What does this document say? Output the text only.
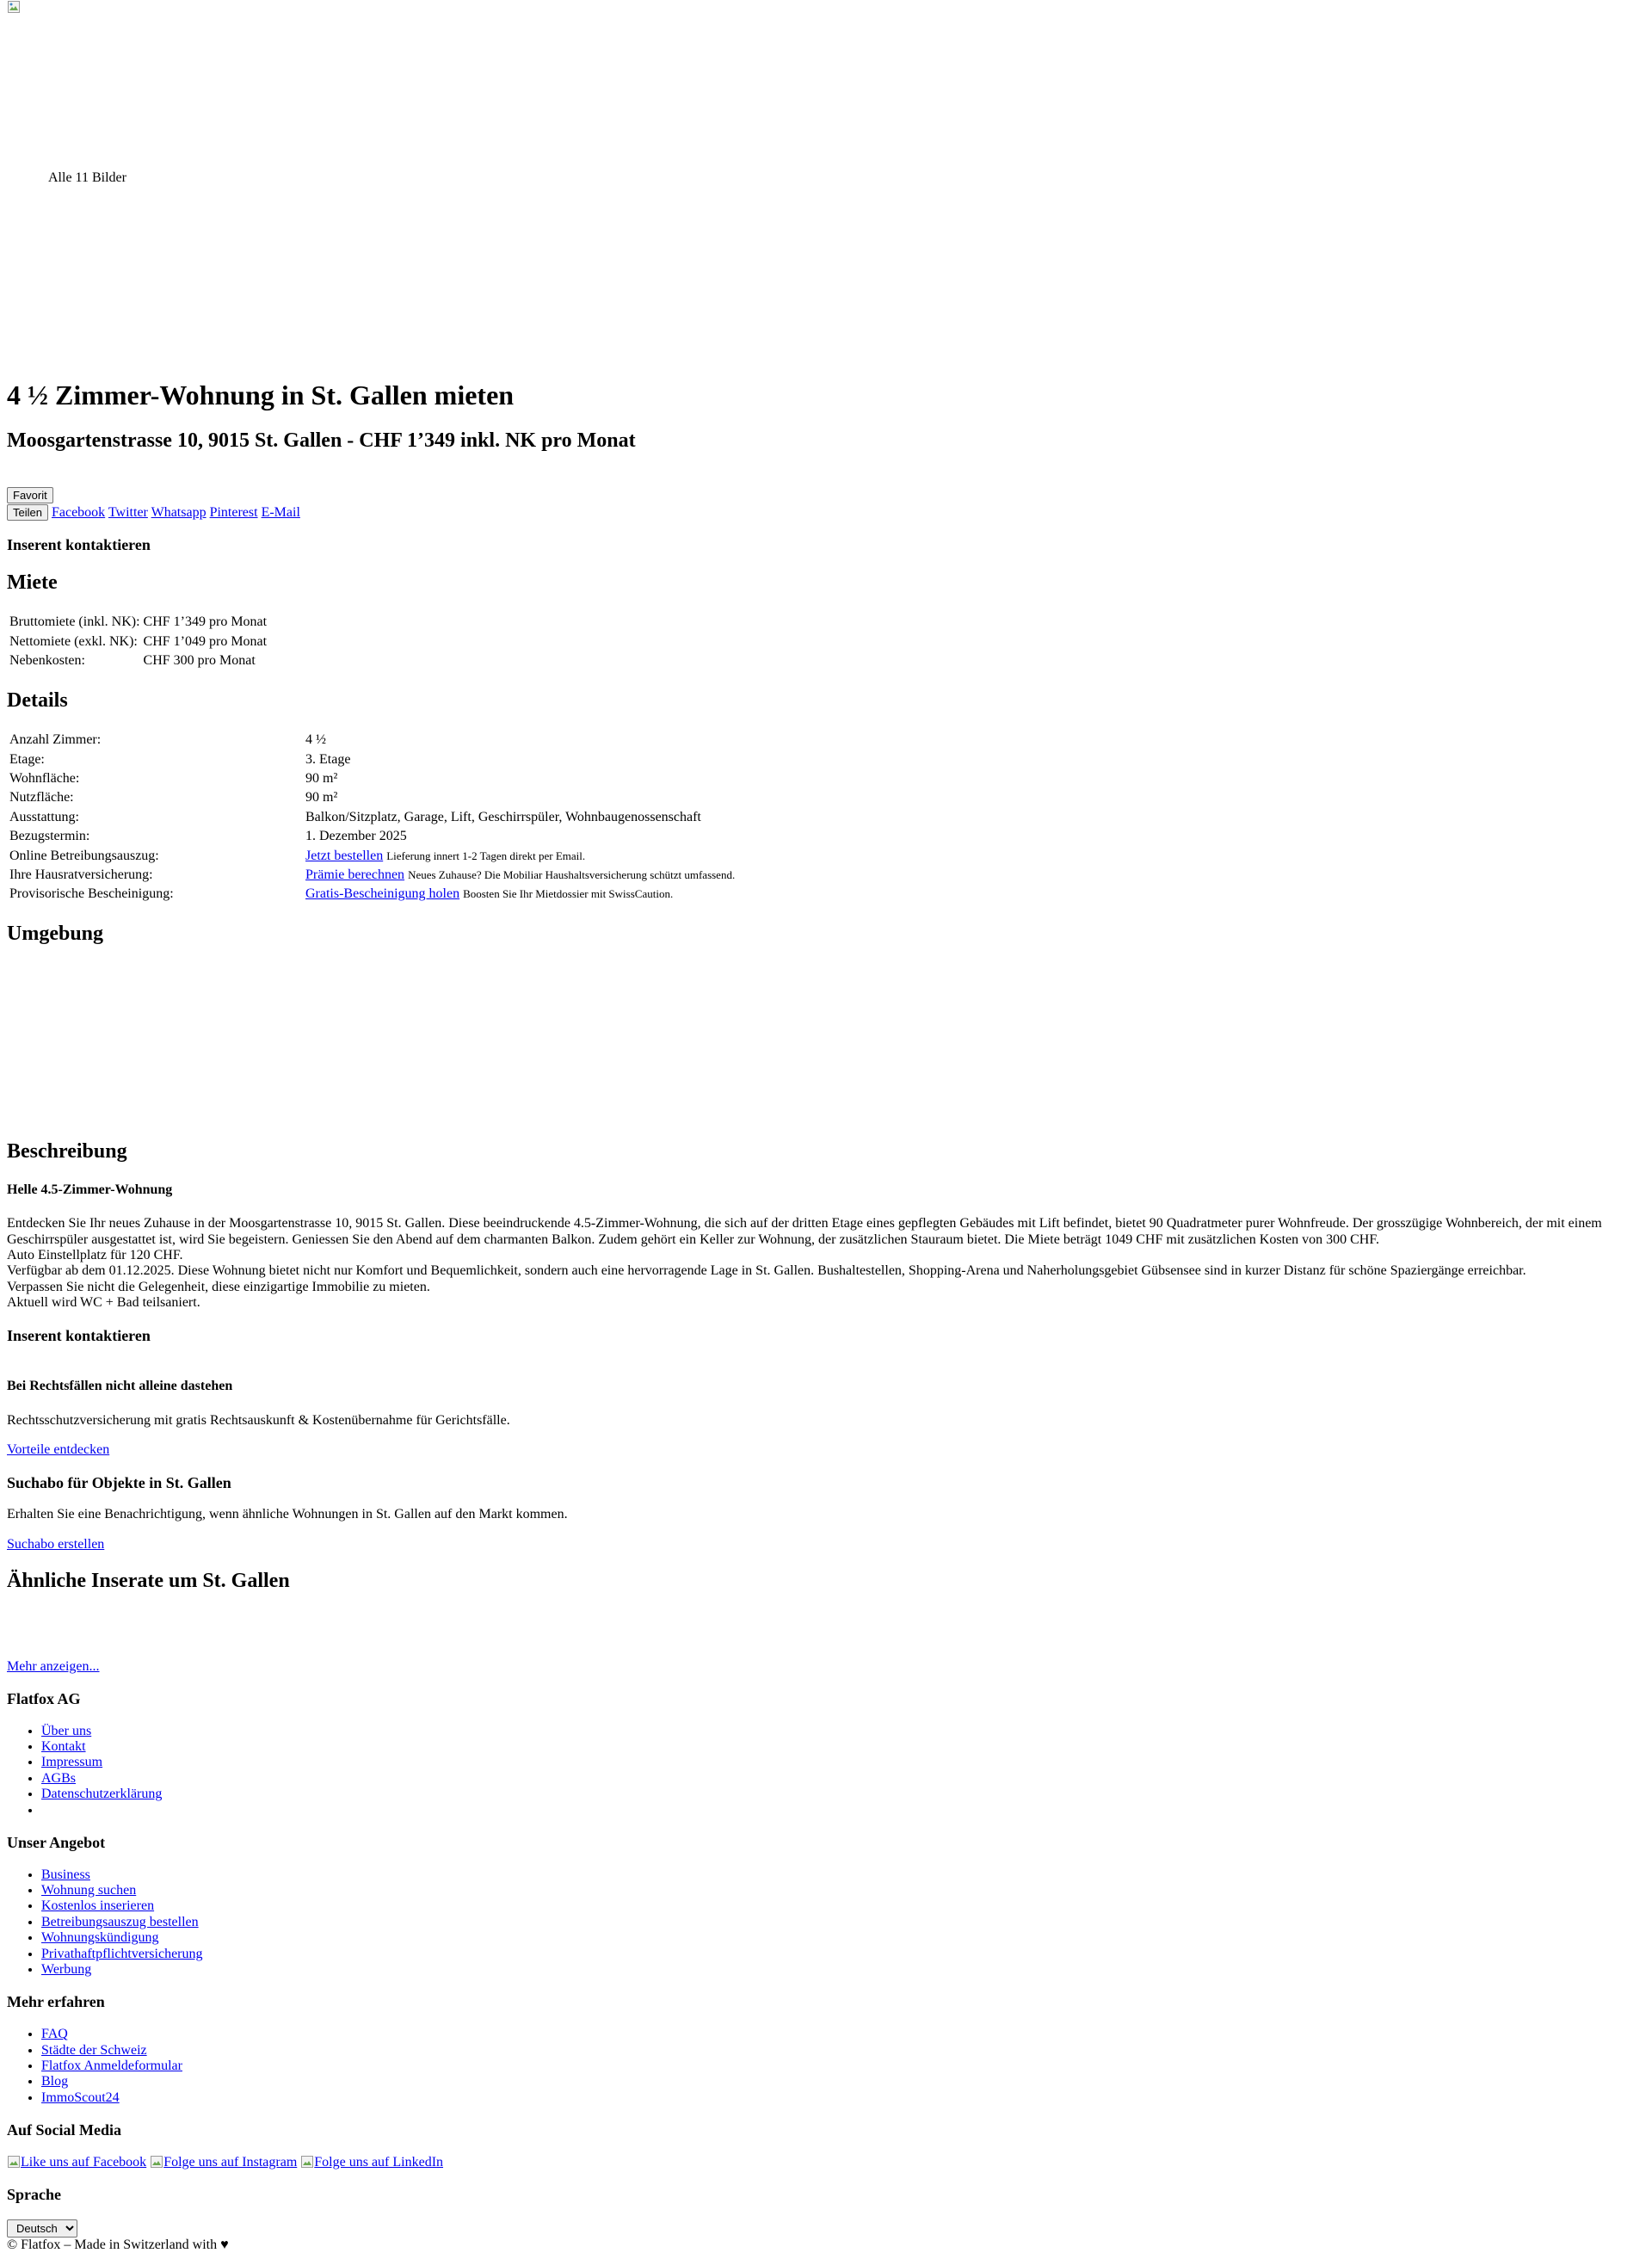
Alle 11 Bilder
4 ½ Zimmer-Wohnung in St. Gallen mieten
Moosgartenstrasse 10, 9015 St. Gallen - CHF 1’349 inkl. NK pro Monat
Favorit
Teilen Facebook Twitter Whatsapp Pinterest E-Mail
Inserent kontaktieren
Miete
Bruttomiete (inkl. NK):	CHF 1’349 pro Monat
Nettomiete (exkl. NK):	CHF 1’049 pro Monat
Nebenkosten:	CHF 300 pro Monat
Details
Anzahl Zimmer:	4 ½
Etage:	3. Etage
Wohnfläche:	90 m²
Nutzfläche:	90 m²
Ausstattung:	Balkon/Sitzplatz, Garage, Lift, Geschirrspüler, Wohnbaugenossenschaft
Bezugstermin:	1. Dezember 2025
Online Betreibungsauszug:	Jetzt bestellen Lieferung innert 1-2 Tagen direkt per Email.
Ihre Hausratversicherung:	Prämie berechnen Neues Zuhause? Die Mobiliar Haushaltsversicherung schützt umfassend.
Provisorische Bescheinigung:	Gratis-Bescheinigung holen Boosten Sie Ihr Mietdossier mit SwissCaution.
Umgebung
Beschreibung
Helle 4.5-Zimmer-Wohnung

Entdecken Sie Ihr neues Zuhause in der Moosgartenstrasse 10, 9015 St. Gallen. Diese beeindruckende 4.5-Zimmer-Wohnung, die sich auf der dritten Etage eines gepflegten Gebäudes mit Lift befindet, bietet 90 Quadratmeter purer Wohnfreude. Der grosszügige Wohnbereich, der mit einem Geschirrspüler ausgestattet ist, wird Sie begeistern. Geniessen Sie den Abend auf dem charmanten Balkon. Zudem gehört ein Keller zur Wohnung, der zusätzlichen Stauraum bietet. Die Miete beträgt 1049 CHF mit zusätzlichen Kosten von 300 CHF.
Auto Einstellplatz für 120 CHF.
Verfügbar ab dem 01.12.2025. Diese Wohnung bietet nicht nur Komfort und Bequemlichkeit, sondern auch eine hervorragende Lage in St. Gallen. Bushaltestellen, Shopping-Arena und Naherholungsgebiet Gübsensee sind in kurzer Distanz für schöne Spaziergänge erreichbar.
Verpassen Sie nicht die Gelegenheit, diese einzigartige Immobilie zu mieten.
Aktuell wird WC + Bad teilsaniert.

Inserent kontaktieren
Bei Rechtsfällen nicht alleine dastehen

Rechtsschutzversicherung mit gratis Rechtsauskunft & Kostenübernahme für Gerichtsfälle.

Vorteile entdecken

Suchabo für Objekte in St. Gallen

Erhalten Sie eine Benachrichtigung, wenn ähnliche Wohnungen in St. Gallen auf den Markt kommen.

Suchabo erstellen

Ähnliche Inserate um St. Gallen

Mehr anzeigen...

Flatfox AG
• Über uns
• Kontakt
• Impressum
• AGBs
• Datenschutzerklärung
•
Unser Angebot
• Business
• Wohnung suchen
• Kostenlos inserieren
• Betreibungsauszug bestellen
• Wohnungskündigung
• Privathaftpflichtversicherung
• Werbung
Mehr erfahren
• FAQ
• Städte der Schweiz
• Flatfox Anmeldeformular
• Blog
• ImmoScout24
Auf Social Media

Like uns auf Facebook Folge uns auf Instagram Folge uns auf LinkedIn

Sprache
Deutsch
© Flatfox – Made in Switzerland with ♥
